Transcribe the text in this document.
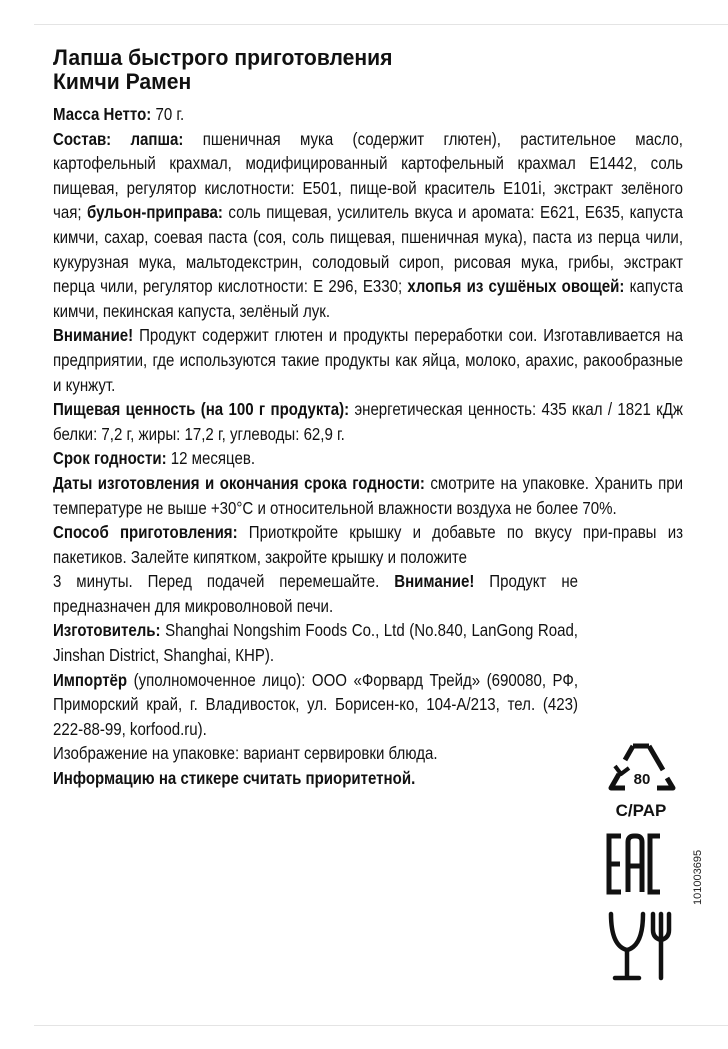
Лапша быстрого приготовления
Кимчи Рамен

Масса Нетто: 70 г.

Состав: лапша: пшеничная мука (содержит глютен), растительное масло, картофельный крахмал, модифицированный картофельный крахмал Е1442, соль пищевая, регулятор кислотности: Е501, пище-вой краситель Е101i, экстракт зелёного чая; бульон-приправа: соль пищевая, усилитель вкуса и аромата: Е621, Е635, капуста кимчи, сахар, соевая паста (соя, соль пищевая, пшеничная мука), паста из перца чили, кукурузная мука, мальтодекстрин, солодовый сироп, рисовая мука, грибы, экстракт перца чили, регулятор кислотности: Е 296, Е330; хлопья из сушёных овощей: капуста кимчи, пекинская капуста, зелёный лук.

Внимание! Продукт содержит глютен и продукты переработки сои. Изготавливается на предприятии, где используются такие продукты как яйца, молоко, арахис, ракообразные и кунжут.

Пищевая ценность (на 100 г продукта): энергетическая ценность: 435 ккал / 1821 кДж белки: 7,2 г, жиры: 17,2 г, углеводы: 62,9 г.

Срок годности: 12 месяцев.

Даты изготовления и окончания срока годности: смотрите на упаковке. Хранить при температуре не выше +30°С и относительной влажности воздуха не более 70%.

Способ приготовления: Приоткройте крышку и добавьте по вкусу при-правы из пакетиков. Залейте кипятком, закройте крышку и положите

3 минуты. Перед подачей перемешайте. Внимание! Продукт не предназначен для микроволновой печи.

Изготовитель: Shanghai Nongshim Foods Co., Ltd (No.840, LanGong Road, Jinshan District, Shanghai, КНР).

Импортёр (уполномоченное лицо): ООО «Форвард Трейд» (690080, РФ, Приморский край, г. Владивосток, ул. Борисен-ко, 104-А/213, тел. (423) 222-88-99, korfood.ru).

Изображение на упаковке: вариант сервировки блюда.

Информацию на стикере считать приоритетной.	80
C/PAP
101003695
